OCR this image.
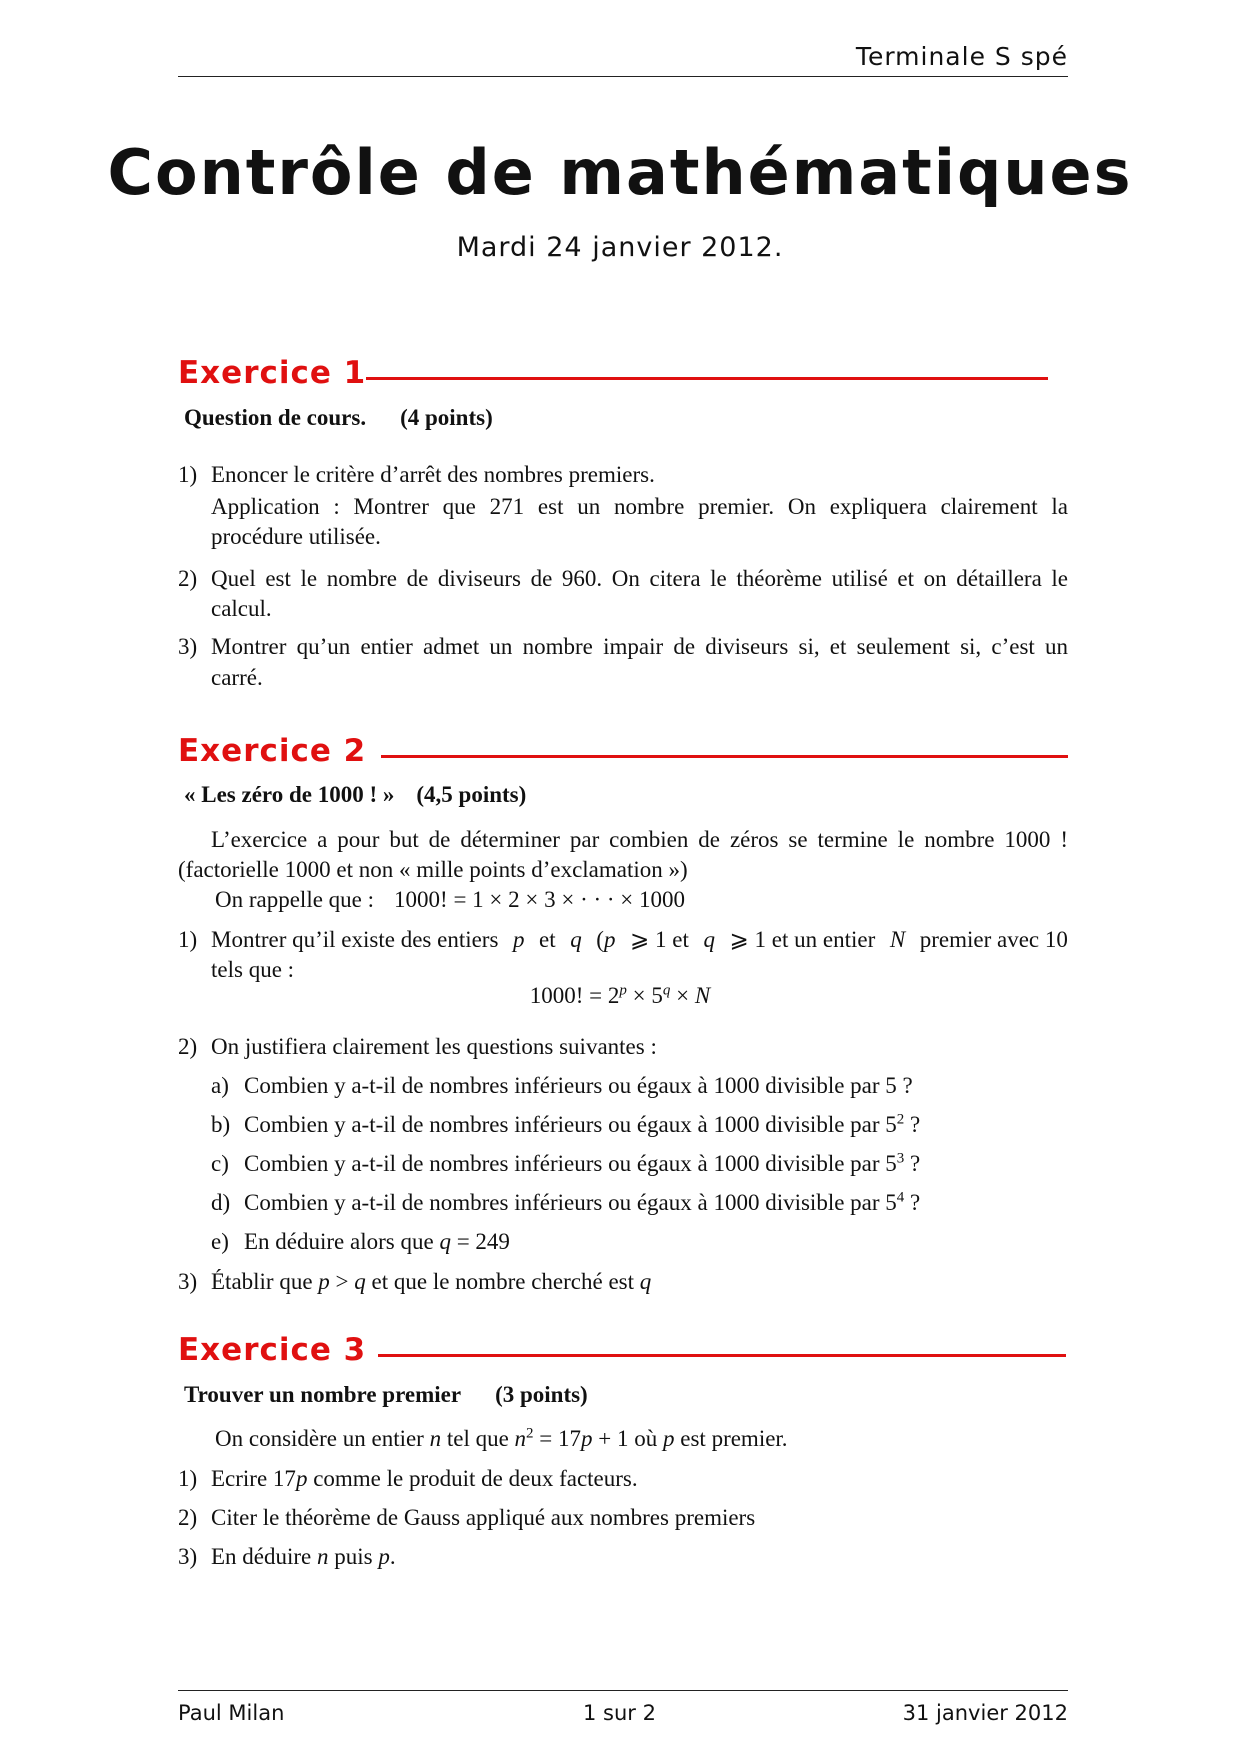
Terminale S spé
Contrôle de mathématiques
Mardi 24 janvier 2012.
Exercice 1
Question de cours. (4 points)
1) Enoncer le critère d’arrêt des nombres premiers.
Application : Montrer que 271 est un nombre premier. On expliquera clairement la
procédure utilisée.
2) Quel est le nombre de diviseurs de 960. On citera le théorème utilisé et on détaillera le
calcul.
3) Montrer qu’un entier admet un nombre impair de diviseurs si, et seulement si, c’est un
carré.
Exercice 2
« Les zéro de 1000 ! » (4,5 points)
L’exercice a pour but de déterminer par combien de zéros se termine le nombre 1000 !
(factorielle 1000 et non « mille points d’exclamation »)
On rappelle que : 1000! = 1 × 2 × 3 × · · · × 1000
1) Montrer qu’il existe des entiers p et q (p ⩾ 1 et q ⩾ 1 et un entier N premier avec 10
tels que :
1000! = $2^p \times 5^q \times N$
2) On justifiera clairement les questions suivantes :
a) Combien y a-t-il de nombres inférieurs ou égaux à 1000 divisible par 5 ?
b) Combien y a-t-il de nombres inférieurs ou égaux à 1000 divisible par $5^2$ ?
c) Combien y a-t-il de nombres inférieurs ou égaux à 1000 divisible par $5^3$ ?
d) Combien y a-t-il de nombres inférieurs ou égaux à 1000 divisible par $5^4$ ?
e) En déduire alors que q = 249
3) Établir que p > q et que le nombre cherché est q
Exercice 3
Trouver un nombre premier (3 points)
On considère un entier n tel que $n^2 = 17p + 1$ où p est premier.
1) Ecrire 17p comme le produit de deux facteurs.
2) Citer le théorème de Gauss appliqué aux nombres premiers
3) En déduire n puis p.
Paul Milan	1 sur 2	31 janvier 2012
